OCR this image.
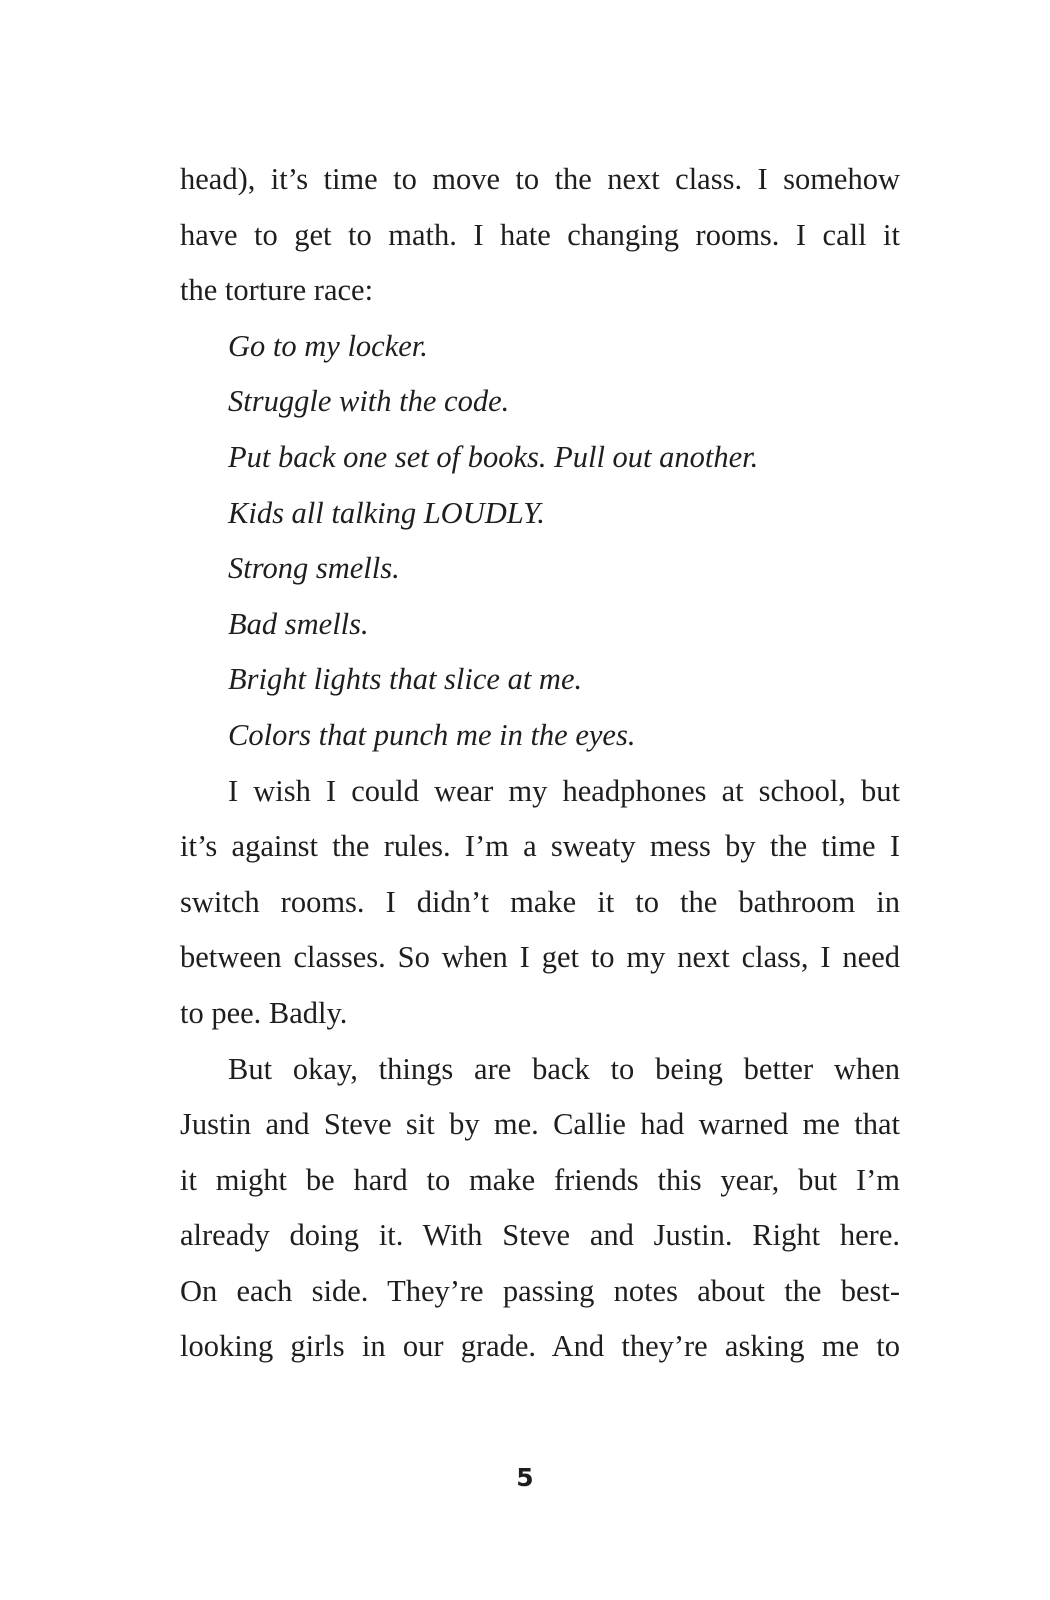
head), it’s time to move to the next class. I somehow
have to get to math. I hate changing rooms. I call it
the torture race:
Go to my locker.
Struggle with the code.
Put back one set of books. Pull out another.
Kids all talking LOUDLY.
Strong smells.
Bad smells.
Bright lights that slice at me.
Colors that punch me in the eyes.
I wish I could wear my headphones at school, but
it’s against the rules. I’m a sweaty mess by the time I
switch rooms. I didn’t make it to the bathroom in
between classes. So when I get to my next class, I need
to pee. Badly.
But okay, things are back to being better when
Justin and Steve sit by me. Callie had warned me that
it might be hard to make friends this year, but I’m
already doing it. With Steve and Justin. Right here.
On each side. They’re passing notes about the best-
looking girls in our grade. And they’re asking me to
5
